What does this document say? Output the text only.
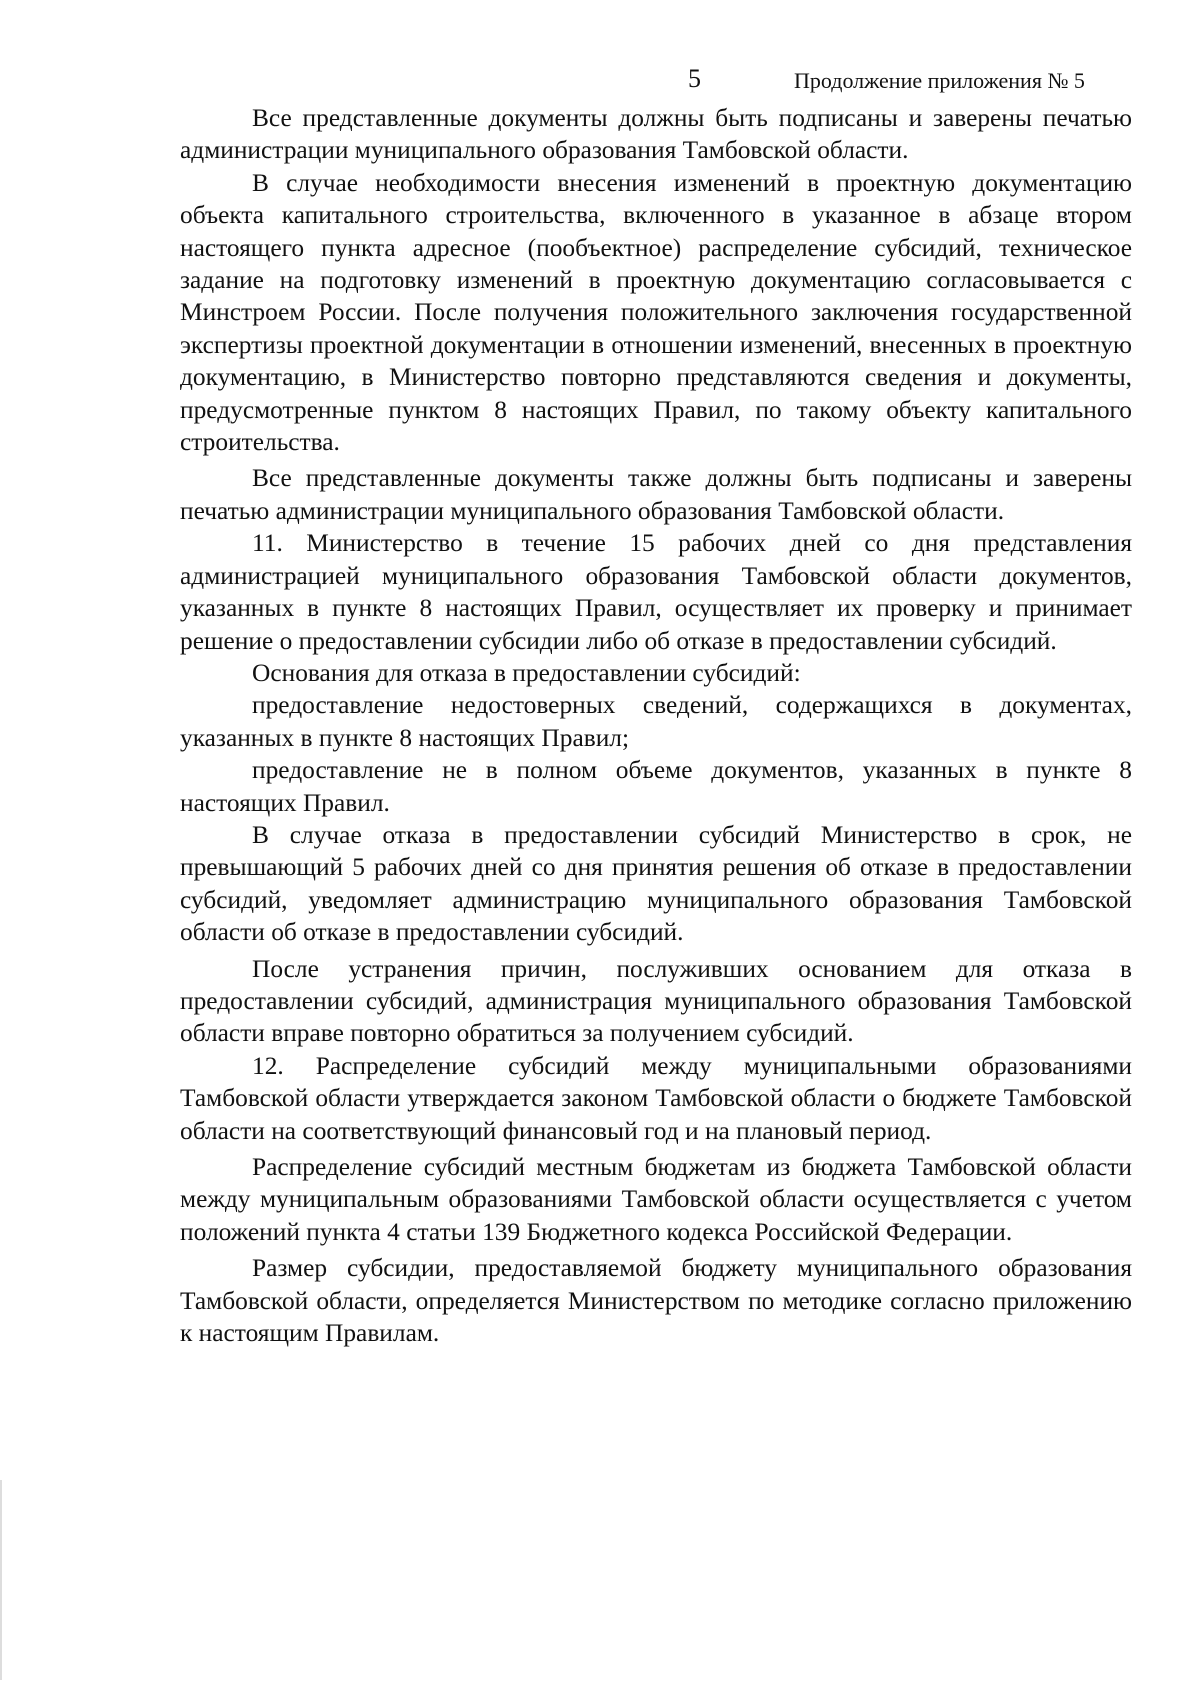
5	Продолжение приложения № 5

Все представленные документы должны быть подписаны и заверены печатью администрации муниципального образования Тамбовской области.

В случае необходимости внесения изменений в проектную документацию объекта капитального строительства, включенного в указанное в абзаце втором настоящего пункта адресное (пообъектное) распределение субсидий, техническое задание на подготовку изменений в проектную документацию согласовывается с Минстроем России. После получения положительного заключения государственной экспертизы проектной документации в отношении изменений, внесенных в проектную документацию, в Министерство повторно представляются сведения и документы, предусмотренные пунктом 8 настоящих Правил, по такому объекту капитального строительства.

Все представленные документы также должны быть подписаны и заверены печатью администрации муниципального образования Тамбовской области.

11. Министерство в течение 15 рабочих дней со дня представления администрацией муниципального образования Тамбовской области документов, указанных в пункте 8 настоящих Правил, осуществляет их проверку и принимает решение о предоставлении субсидии либо об отказе в предоставлении субсидий.

Основания для отказа в предоставлении субсидий:

предоставление недостоверных сведений, содержащихся в документах, указанных в пункте 8 настоящих Правил;

предоставление не в полном объеме документов, указанных в пункте 8 настоящих Правил.

В случае отказа в предоставлении субсидий Министерство в срок, не превышающий 5 рабочих дней со дня принятия решения об отказе в предоставлении субсидий, уведомляет администрацию муниципального образования Тамбовской области об отказе в предоставлении субсидий.

После устранения причин, послуживших основанием для отказа в предоставлении субсидий, администрация муниципального образования Тамбовской области вправе повторно обратиться за получением субсидий.

12. Распределение субсидий между муниципальными образованиями Тамбовской области утверждается законом Тамбовской области о бюджете Тамбовской области на соответствующий финансовый год и на плановый период.

Распределение субсидий местным бюджетам из бюджета Тамбовской области между муниципальным образованиями Тамбовской области осуществляется с учетом положений пункта 4 статьи 139 Бюджетного кодекса Российской Федерации.

Размер субсидии, предоставляемой бюджету муниципального образования Тамбовской области, определяется Министерством по методике согласно приложению к настоящим Правилам.
